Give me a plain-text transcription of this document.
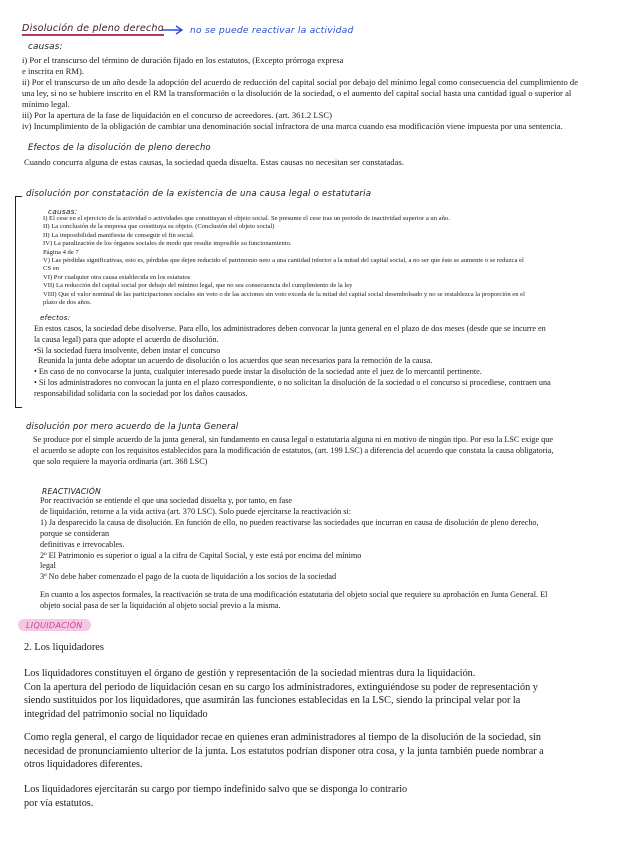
Disolución de pleno derecho	no se puede reactivar la actividad
causas:
i) Por el transcurso del término de duración fijado en los estatutos, (Excepto prórroga expresa
e inscrita en RM).
ii) Por el transcurso de un año desde la adopción del acuerdo de reducción del capital social por debajo del mínimo legal como consecuencia del cumplimiento de
una ley, si no se hubiere inscrito en el RM la transformación o la disolución de la sociedad, o el aumento del capital social hasta una cantidad igual o superior al
mínimo legal.
iii) Por la apertura de la fase de liquidación en el concurso de acreedores. (art. 361.2 LSC)
iv) Incumplimiento de la obligación de cambiar una denominación social infractora de una marca cuando esa modificación viene impuesta por una sentencia.
Efectos de la disolución de pleno derecho
Cuando concurra alguna de estas causas, la sociedad queda disuelta. Estas causas no necesitan ser constatadas.
disolución por constatación de la existencia de una causa legal o estatutaria
causas:
I) El cese en el ejercicio de la actividad o actividades que constituyan el objeto social. Se presume el cese tras un periodo de inactividad superior a un año.
II) La conclusión de la empresa que constituya su objeto. (Conclusión del objeto social)
II) La imposibilidad manifiesta de conseguir el fin social.
IV) La paralización de los órganos sociales de modo que resulte imposible su funcionamiento.
Página 4 de 7
V) Las pérdidas significativas, esto es, pérdidas que dejen reducido el patrimonio neto a una cantidad inferior a la mitad del capital social, a no ser que éste se aumente o se reduzca el
CS en
VI) Por cualquier otra causa establecida en los estatutos
VII) La reducción del capital social por debajo del mínimo legal, que no sea consecuencia del cumplimiento de la ley
VIII) Que el valor nominal de las participaciones sociales sin voto o de las acciones sin voto exceda de la mitad del capital social desembolsado y no se restablezca la proporción en el
plazo de dos años.
efectos:
En estos casos, la sociedad debe disolverse. Para ello, los administradores deben convocar la junta general en el plazo de dos meses (desde que se incurre en
la causa legal) para que adopte el acuerdo de disolución.
•Si la sociedad fuera insolvente, deben instar el concurso
Reunida la junta debe adoptar un acuerdo de disolución o los acuerdos que sean necesarios para la remoción de la causa.
• En caso de no convocarse la junta, cualquier interesado puede instar la disolución de la sociedad ante el juez de lo mercantil pertinente.
• Si los administradores no convocan la junta en el plazo correspondiente, o no solicitan la disolución de la sociedad o el concurso si procediese, contraen una
responsabilidad solidaria con la sociedad por los daños causados.
disolución por mero acuerdo de la Junta General
Se produce por el simple acuerdo de la junta general, sin fundamento en causa legal o estatutaria alguna ni en motivo de ningún tipo. Por eso la LSC exige que
el acuerdo se adopte con los requisitos establecidos para la modificación de estatutos, (art. 199 LSC) a diferencia del acuerdo que constata la causa obligatoria,
que solo requiere la mayoría ordinaria (art. 368 LSC)
REACTIVACIÓN
Por reactivación se entiende el que una sociedad disuelta y, por tanto, en fase
de liquidación, retorne a la vida activa (art. 370 LSC). Solo puede ejercitarse la reactivación si:
1) Ja desparecido la causa de disolución. En función de ello, no pueden reactivarse las sociedades que incurran en causa de disolución de pleno derecho,
porque se consideran
definitivas e irrevocables.
2º El Patrimonio es superior o igual a la cifra de Capital Social, y este está por encima del mínimo
legal
3º No debe haber comenzado el pago de la cuota de liquidación a los socios de la sociedad
En cuanto a los aspectos formales, la reactivación se trata de una modificación estatutaria del objeto social que requiere su aprobación en Junta General. El
objeto social pasa de ser la liquidación al objeto social previo a la misma.
LIQUIDACIÓN
2. Los liquidadores
Los liquidadores constituyen el órgano de gestión y representación de la sociedad mientras dura la liquidación.
Con la apertura del periodo de liquidación cesan en su cargo los administradores, extinguiéndose su poder de representación y
siendo sustituidos por los liquidadores, que asumirán las funciones establecidas en la LSC, siendo la principal velar por la
integridad del patrimonio social no liquidado
Como regla general, el cargo de liquidador recae en quienes eran administradores al tiempo de la disolución de la sociedad, sin
necesidad de pronunciamiento ulterior de la junta. Los estatutos podrían disponer otra cosa, y la junta también puede nombrar a
otros liquidadores diferentes.
Los liquidadores ejercitarán su cargo por tiempo indefinido salvo que se disponga lo contrario
por vía estatutos.
